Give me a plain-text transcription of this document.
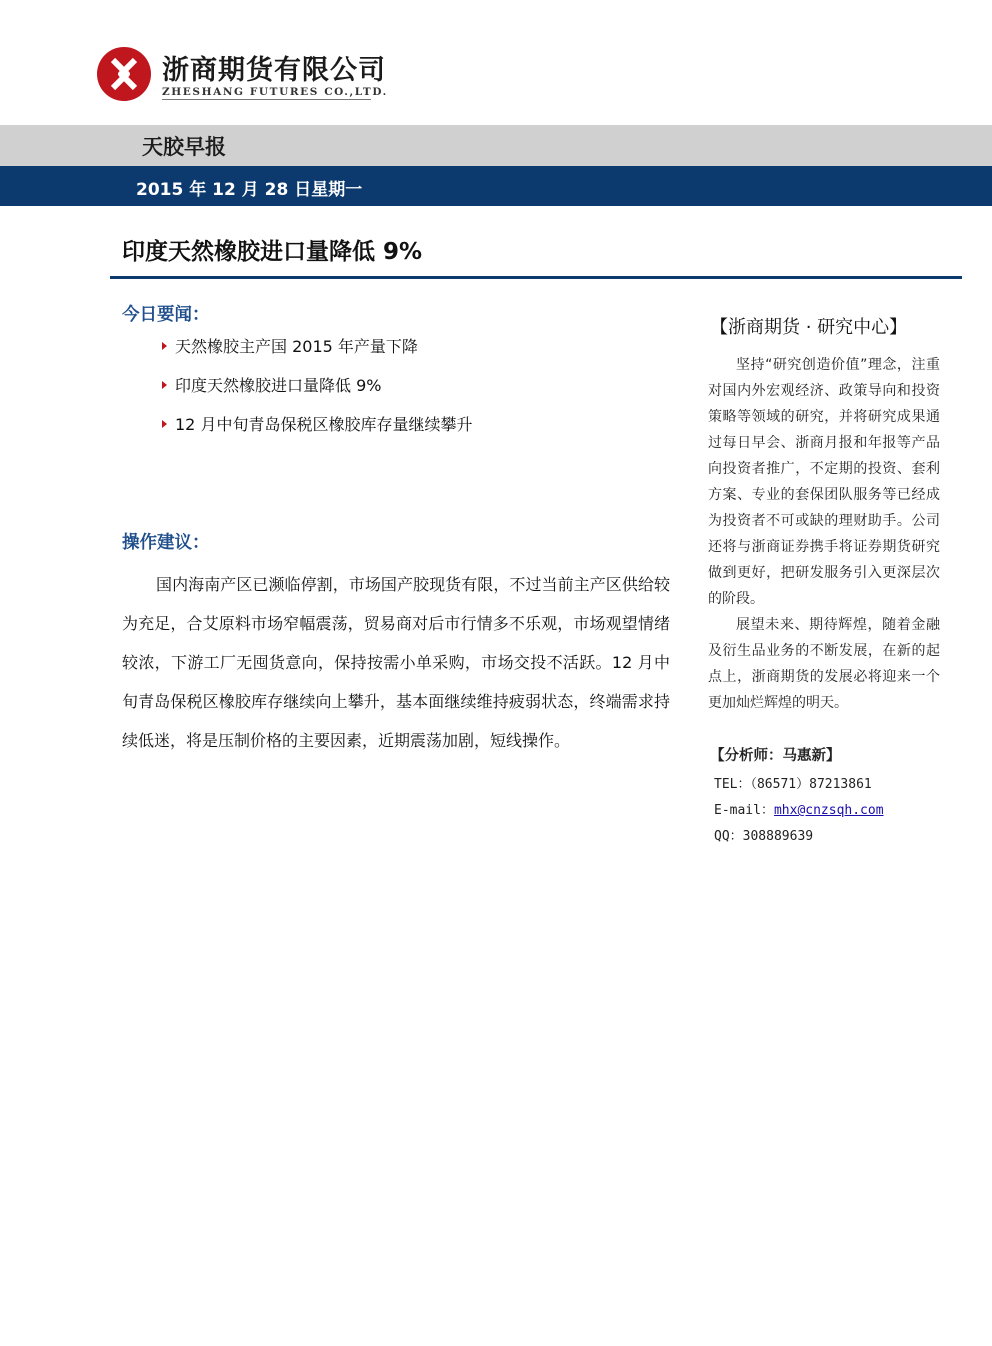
浙商期货有限公司
ZHESHANG FUTURES CO.,LTD.
天胶早报
2015 年 12 月 28 日星期一
印度天然橡胶进口量降低 9%
今日要闻：
天然橡胶主产国 2015 年产量下降
印度天然橡胶进口量降低 9%
12 月中旬青岛保税区橡胶库存量继续攀升
操作建议：

国内海南产区已濒临停割，市场国产胶现货有限，不过当前主产区供给较为充足，合艾原料市场窄幅震荡，贸易商对后市行情多不乐观，市场观望情绪较浓，下游工厂无囤货意向，保持按需小单采购，市场交投不活跃。12 月中旬青岛保税区橡胶库存继续向上攀升，基本面继续维持疲弱状态，终端需求持续低迷，将是压制价格的主要因素，近期震荡加剧，短线操作。

【浙商期货 · 研究中心】

坚持“研究创造价值”理念，注重对国内外宏观经济、政策导向和投资策略等领域的研究，并将研究成果通过每日早会、浙商月报和年报等产品向投资者推广，不定期的投资、套利方案、专业的套保团队服务等已经成为投资者不可或缺的理财助手。公司还将与浙商证券携手将证券期货研究做到更好，把研发服务引入更深层次的阶段。

展望未来、期待辉煌，随着金融及衍生品业务的不断发展，在新的起点上，浙商期货的发展必将迎来一个更加灿烂辉煌的明天。

【分析师：马惠新】
TEL：（86571）87213861
E-mail：mhx@cnzsqh.com
QQ：308889639
